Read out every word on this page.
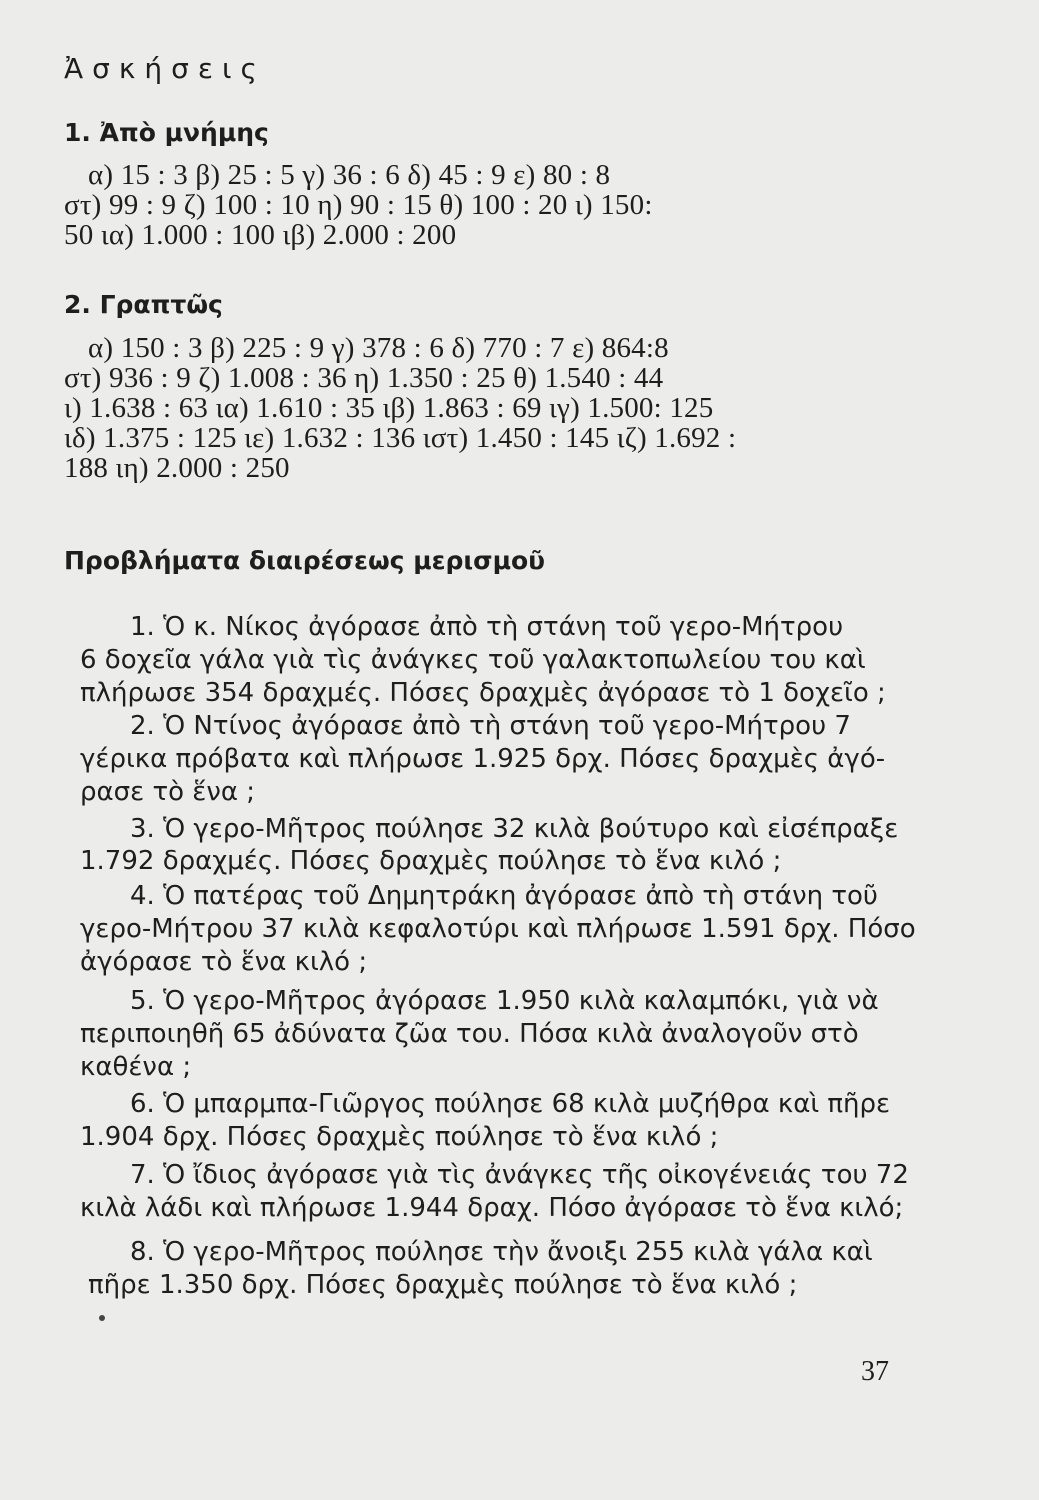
Ἀσκήσεις
1. Ἀπὸ μνήμης
α) 15 : 3 β) 25 : 5 γ) 36 : 6 δ) 45 : 9 ε) 80 : 8
στ) 99 : 9 ζ) 100 : 10 η) 90 : 15 θ) 100 : 20 ι) 150:
50 ια) 1.000 : 100 ιβ) 2.000 : 200
2. Γραπτῶς
α) 150 : 3 β) 225 : 9 γ) 378 : 6 δ) 770 : 7 ε) 864:8
στ) 936 : 9 ζ) 1.008 : 36 η) 1.350 : 25 θ) 1.540 : 44
ι) 1.638 : 63 ια) 1.610 : 35 ιβ) 1.863 : 69 ιγ) 1.500: 125
ιδ) 1.375 : 125 ιε) 1.632 : 136 ιστ) 1.450 : 145 ιζ) 1.692 :
188 ιη) 2.000 : 250
Προβλήματα διαιρέσεως μερισμοῦ
1. Ὁ κ. Νίκος ἀγόρασε ἀπὸ τὴ στάνη τοῦ γερο-Μήτρου
6 δοχεῖα γάλα γιὰ τὶς ἀνάγκες τοῦ γαλακτοπωλείου του καὶ
πλήρωσε 354 δραχμές. Πόσες δραχμὲς ἀγόρασε τὸ 1 δοχεῖο ;
2. Ὁ Ντίνος ἀγόρασε ἀπὸ τὴ στάνη τοῦ γερο-Μήτρου 7
γέρικα πρόβατα καὶ πλήρωσε 1.925 δρχ. Πόσες δραχμὲς ἀγό-
ρασε τὸ ἕνα ;
3. Ὁ γερο-Μῆτρος πούλησε 32 κιλὰ βούτυρο καὶ εἰσέπραξε
1.792 δραχμές. Πόσες δραχμὲς πούλησε τὸ ἕνα κιλό ;
4. Ὁ πατέρας τοῦ Δημητράκη ἀγόρασε ἀπὸ τὴ στάνη τοῦ
γερο-Μήτρου 37 κιλὰ κεφαλοτύρι καὶ πλήρωσε 1.591 δρχ. Πόσο
ἀγόρασε τὸ ἕνα κιλό ;
5. Ὁ γερο-Μῆτρος ἀγόρασε 1.950 κιλὰ καλαμπόκι, γιὰ νὰ
περιποιηθῆ 65 ἀδύνατα ζῶα του. Πόσα κιλὰ ἀναλογοῦν στὸ
καθένα ;
6. Ὁ μπαρμπα-Γιῶργος πούλησε 68 κιλὰ μυζήθρα καὶ πῆρε
1.904 δρχ. Πόσες δραχμὲς πούλησε τὸ ἕνα κιλό ;
7. Ὁ ἴδιος ἀγόρασε γιὰ τὶς ἀνάγκες τῆς οἰκογένειάς του 72
κιλὰ λάδι καὶ πλήρωσε 1.944 δραχ. Πόσο ἀγόρασε τὸ ἕνα κιλό;
8. Ὁ γερο-Μῆτρος πούλησε τὴν ἄνοιξι 255 κιλὰ γάλα καὶ
πῆρε 1.350 δρχ. Πόσες δραχμὲς πούλησε τὸ ἕνα κιλό ;
37
